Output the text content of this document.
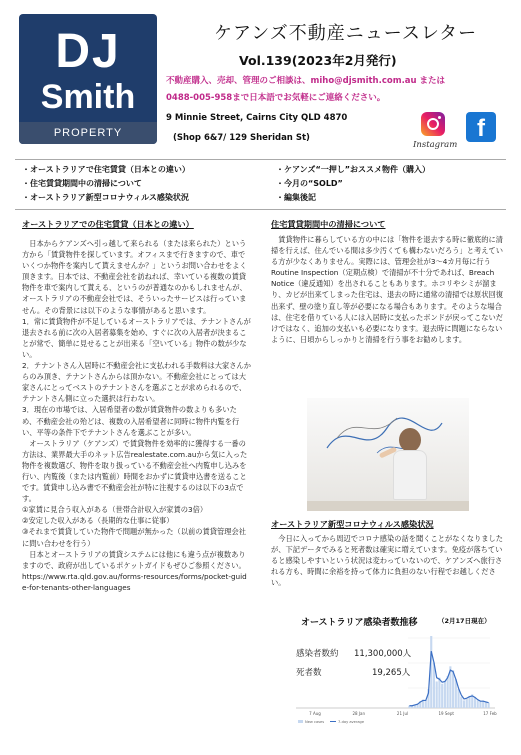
DJ
Smith
PROPERTY
ケアンズ不動産ニュースレター
Vol.139(2023年2月発行)
不動産購入、売却、管理のご相談は、miho@djsmith.com.au または
0488-005-958まで日本語でお気軽にご連絡ください。
9 Minnie Street, Cairns City QLD 4870
(Shop 6&7/ 129 Sheridan St)
Instagram
f
・オーストラリアで住宅賃貸（日本との違い）
・住宅賃貸期間中の清掃について
・オーストラリア新型コロナウィルス感染状況
・ケアンズ“一押し”おススメ物件（購入）
・今月の“SOLD”
・編集後記
オーストラリアでの住宅賃貸（日本との違い）

　日本からケアンズへ引っ越して来られる（または来られた）という方から「賃貸物件を探しています。オフィスまで行きますので、車でいくつか物件を案内して貰えませんか？」というお問い合わせをよく頂きます。日本では、不動産会社を訪ねれば、幸いている複数の賃貸物件を車で案内して貰える、というのが普通なのかもしれませんが、オーストラリアの不動産会社では、そういったサービスは行っていません。その背景には以下のような事情があると思います。

1．常に賃貸物件が不足しているオーストラリアでは、テナントさんが退去される前に次の入居者募集を始め、すぐに次の入居者が決まることが常で、簡単に見せることが出来る「空いている」物件の数が少ない。

2．テナントさん入居時に不動産会社に支払われる手数料は大家さんからのみ頂き、テナントさんからは頂かない。不動産会社にとっては大家さんにとってベストのテナントさんを選ぶことが求められるので、テナントさん側に立った選択は行わない。

3．現在の市場では、入居希望者の数が賃貸物件の数よりも多いため、不動産会社の殆どは、複数の入居希望者に同時に物件内覧を行い、平等の条件下でテナントさんを選ぶことが多い。

　オーストラリア（ケアンズ）で賃貸物件を効率的に獲得する一番の方法は、業界最大手のネット広告realestate.com.auから気に入った物件を複数選び、物件を取り扱っている不動産会社へ内覧申し込みを行い、内覧後（または内覧前）時間をおかずに賃貸申込書を送ることです。賃貸申し込み書で不動産会社が特に注視するのは以下の3点です。

①家賃に見合う収入がある（世帯合計収入が家賃の3倍）

②安定した収入がある（長期的な仕事に従事）

③それまで賃貸していた物件で問題が無かった（以前の賃貸管理会社に問い合わせを行う）

　日本とオーストラリアの賃貸システムには他にも違う点が複数ありますので、政府が出しているポケットガイドもぜひご参照ください。

https://www.rta.qld.gov.au/forms-resources/forms/pocket-guide-for-tenants-other-languages

住宅賃貸期間中の清掃について

　賃貸物件に暮らしている方の中には「物件を退去する時に徹底的に清掃を行えば、住んでいる間は多少汚くても構わないだろう」と考えている方が少なくありません。実際には、管理会社が3～4カ月毎に行うRoutine Inspection（定期点検）で清掃が不十分であれば、Breach Notice（違反通知）を出されることもあります。ホコリやシミが溜まり、カビが出来てしまった住宅は、退去の時に通常の清掃では原状回復出来ず、壁の塗り直し等が必要になる場合もあります。そのような場合は、住宅を借りている人には入居時に支払ったボンドが戻ってこないだけではなく、追加の支払いも必要になります。退去時に問題にならないように、日頃からしっかりと清掃を行う事をお勧めします。

オーストラリア新型コロナウィルス感染状況

　今日に入ってから周辺でコロナ感染の話を聞くことがなくなりましたが、下記データでみると死者数は確実に増えています。免疫が落ちていると感染しやすいという状況は変わっていないので、ケアンズへ旅行される方も、時間に余裕を持って体力に負担のない行程でお越しください。

オーストラリア感染者数推移	（2月17日現在）
7 Aug	28 Jan	21 Jul	19 Sept	17 Feb
New cases	7-day average
感染者数約 11,300,000人
死者数	19,265人
